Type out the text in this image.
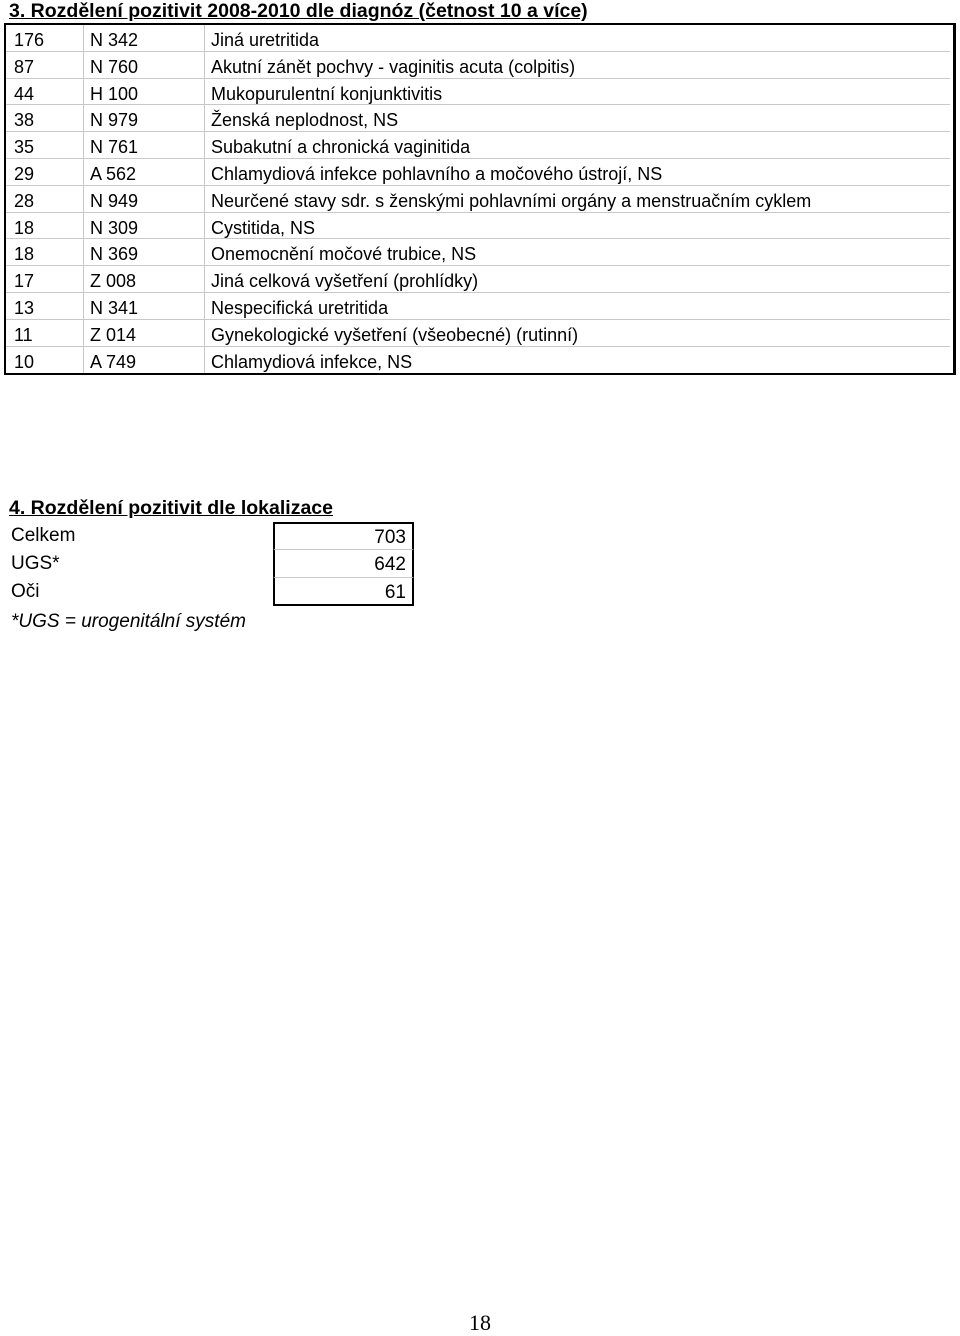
3. Rozdělení pozitivit 2008-2010 dle diagnóz (četnost 10 a více)
176	N 342	Jiná uretritida
87	N 760	Akutní zánět pochvy - vaginitis acuta (colpitis)
44	H 100	Mukopurulentní konjunktivitis
38	N 979	Ženská neplodnost, NS
35	N 761	Subakutní a chronická vaginitida
29	A 562	Chlamydiová infekce pohlavního a močového ústrojí, NS
28	N 949	Neurčené stavy sdr. s ženskými pohlavními orgány a menstruačním cyklem
18	N 309	Cystitida, NS
18	N 369	Onemocnění močové trubice, NS
17	Z 008	Jiná celková vyšetření (prohlídky)
13	N 341	Nespecifická uretritida
11	Z 014	Gynekologické vyšetření (všeobecné) (rutinní)
10	A 749	Chlamydiová infekce, NS
4. Rozdělení pozitivit dle lokalizace
Celkem	703
UGS*	642
Oči	61
*UGS = urogenitální systém
18
